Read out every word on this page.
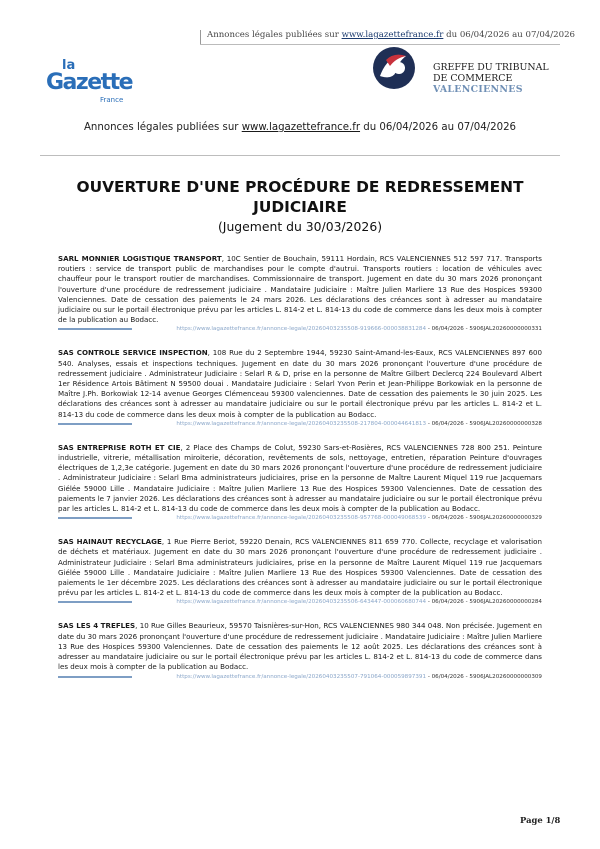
Annonces légales publiées sur www.lagazettefrance.fr du 06/04/2026 au 07/04/2026
la
Gazette
France
GREFFE DU TRIBUNAL
DE COMMERCE
VALENCIENNES
Annonces légales publiées sur www.lagazettefrance.fr du 06/04/2026 au 07/04/2026
OUVERTURE D'UNE PROCÉDURE DE REDRESSEMENT JUDICIAIRE
(Jugement du 30/03/2026)

SARL MONNIER LOGISTIQUE TRANSPORT, 10C Sentier de Bouchain, 59111 Hordain, RCS VALENCIENNES 512 597 717. Transports routiers : service de transport public de marchandises pour le compte d'autrui. Transports routiers : location de véhicules avec chauffeur pour le transport routier de marchandises. Commissionnaire de transport. Jugement en date du 30 mars 2026 prononçant l'ouverture d'une procédure de redressement judiciaire . Mandataire Judiciaire : Maître Julien Marliere 13 Rue des Hospices 59300 Valenciennes. Date de cessation des paiements le 24 mars 2026. Les déclarations des créances sont à adresser au mandataire judiciaire ou sur le portail électronique prévu par les articles L. 814-2 et L. 814-13 du code de commerce dans les deux mois à compter de la publication au Bodacc.

https://www.lagazettefrance.fr/annonce-legale/20260403235508-919666-000038831284 - 06/04/2026 - 5906JAL20260000000331

SAS CONTROLE SERVICE INSPECTION, 108 Rue du 2 Septembre 1944, 59230 Saint-Amand-les-Eaux, RCS VALENCIENNES 897 600 540. Analyses, essais et inspections techniques. Jugement en date du 30 mars 2026 prononçant l'ouverture d'une procédure de redressement judiciaire . Administrateur Judiciaire : Selarl R & D, prise en la personne de Maître Gilbert Declercq 224 Boulevard Albert 1er Résidence Artois Bâtiment N 59500 douai . Mandataire Judiciaire : Selarl Yvon Perin et Jean-Philippe Borkowiak en la personne de Maître J.Ph. Borkowiak 12-14 avenue Georges Clémenceau 59300 valenciennes. Date de cessation des paiements le 30 juin 2025. Les déclarations des créances sont à adresser au mandataire judiciaire ou sur le portail électronique prévu par les articles L. 814-2 et L. 814-13 du code de commerce dans les deux mois à compter de la publication au Bodacc.

https://www.lagazettefrance.fr/annonce-legale/20260403235508-217804-000044641813 - 06/04/2026 - 5906JAL20260000000328

SAS ENTREPRISE ROTH ET CIE, 2 Place des Champs de Colut, 59230 Sars-et-Rosières, RCS VALENCIENNES 728 800 251. Peinture industrielle, vitrerie, métallisation miroiterie, décoration, revêtements de sols, nettoyage, entretien, réparation Peinture d'ouvrages électriques de 1,2,3e catégorie. Jugement en date du 30 mars 2026 prononçant l'ouverture d'une procédure de redressement judiciaire . Administrateur Judiciaire : Selarl Bma administrateurs judiciaires, prise en la personne de Maître Laurent Miquel 119 rue Jacquemars Giélée 59000 Lille . Mandataire Judiciaire : Maître Julien Marliere 13 Rue des Hospices 59300 Valenciennes. Date de cessation des paiements le 7 janvier 2026. Les déclarations des créances sont à adresser au mandataire judiciaire ou sur le portail électronique prévu par les articles L. 814-2 et L. 814-13 du code de commerce dans les deux mois à compter de la publication au Bodacc.

https://www.lagazettefrance.fr/annonce-legale/20260403235508-957768-000049068539 - 06/04/2026 - 5906JAL20260000000329

SAS HAINAUT RECYCLAGE, 1 Rue Pierre Beriot, 59220 Denain, RCS VALENCIENNES 811 659 770. Collecte, recyclage et valorisation de déchets et matériaux. Jugement en date du 30 mars 2026 prononçant l'ouverture d'une procédure de redressement judiciaire . Administrateur Judiciaire : Selarl Bma administrateurs judiciaires, prise en la personne de Maître Laurent Miquel 119 rue Jacquemars Giélée 59000 Lille . Mandataire Judiciaire : Maître Julien Marliere 13 Rue des Hospices 59300 Valenciennes. Date de cessation des paiements le 1er décembre 2025. Les déclarations des créances sont à adresser au mandataire judiciaire ou sur le portail électronique prévu par les articles L. 814-2 et L. 814-13 du code de commerce dans les deux mois à compter de la publication au Bodacc.

https://www.lagazettefrance.fr/annonce-legale/20260403235506-643447-000060680744 - 06/04/2026 - 5906JAL20260000000284

SAS LES 4 TREFLES, 10 Rue Gilles Beaurieux, 59570 Taisnières-sur-Hon, RCS VALENCIENNES 980 344 048. Non précisée. Jugement en date du 30 mars 2026 prononçant l'ouverture d'une procédure de redressement judiciaire . Mandataire Judiciaire : Maître Julien Marliere 13 Rue des Hospices 59300 Valenciennes. Date de cessation des paiements le 12 août 2025. Les déclarations des créances sont à adresser au mandataire judiciaire ou sur le portail électronique prévu par les articles L. 814-2 et L. 814-13 du code de commerce dans les deux mois à compter de la publication au Bodacc.

https://www.lagazettefrance.fr/annonce-legale/20260403235507-791064-000059897391 - 06/04/2026 - 5906JAL20260000000309
Page 1/8
